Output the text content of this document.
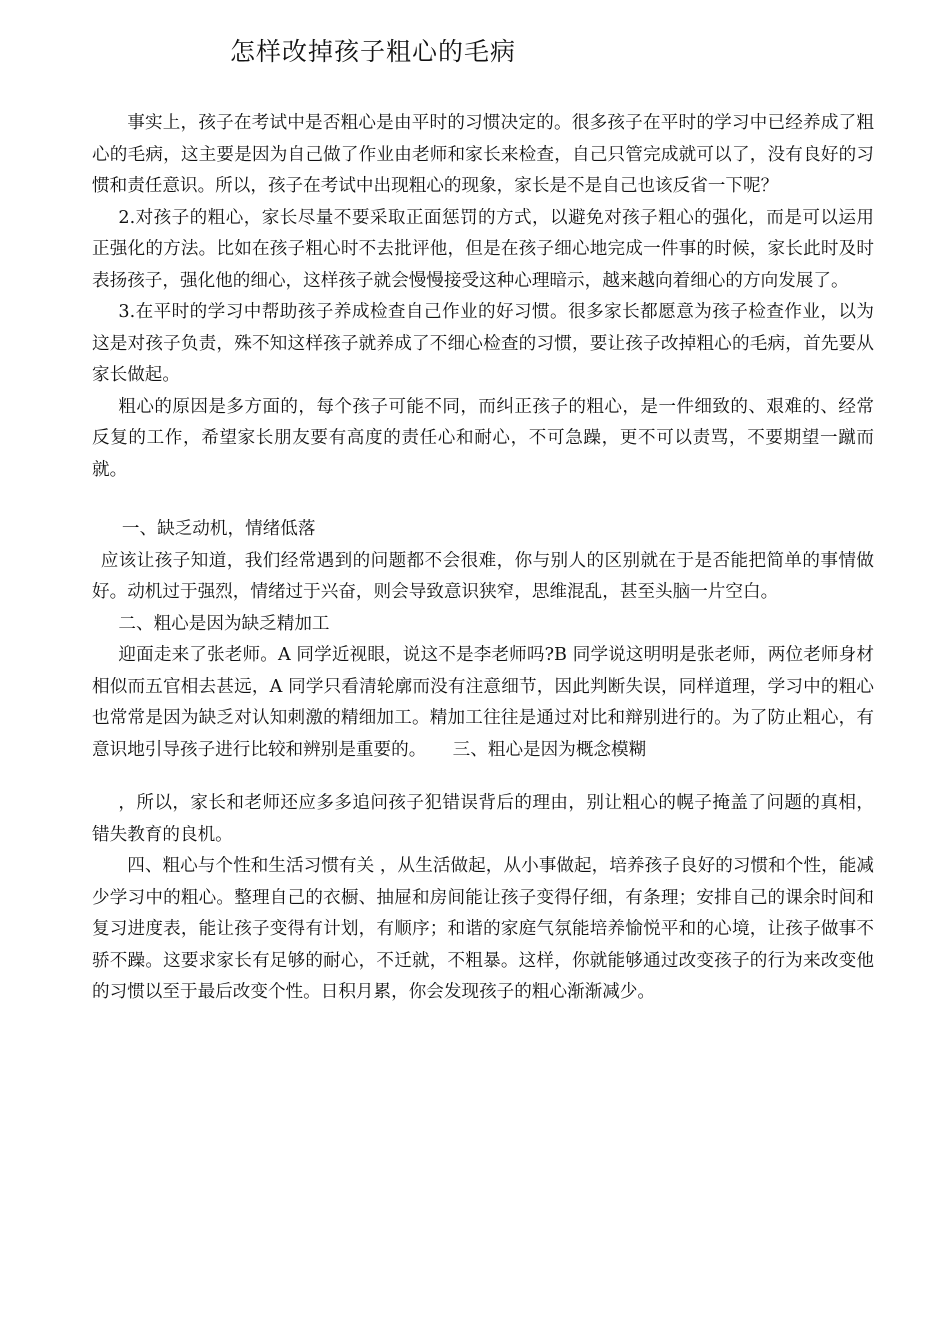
怎样改掉孩子粗心的毛病

事实上，孩子在考试中是否粗心是由平时的习惯决定的。很多孩子在平时的学习中已经养成了粗心的毛病，这主要是因为自己做了作业由老师和家长来检查，自己只管完成就可以了，没有良好的习惯和责任意识。所以，孩子在考试中出现粗心的现象，家长是不是自己也该反省一下呢？

2.对孩子的粗心，家长尽量不要采取正面惩罚的方式，以避免对孩子粗心的强化，而是可以运用正强化的方法。比如在孩子粗心时不去批评他，但是在孩子细心地完成一件事的时候，家长此时及时表扬孩子，强化他的细心，这样孩子就会慢慢接受这种心理暗示，越来越向着细心的方向发展了。

3.在平时的学习中帮助孩子养成检查自己作业的好习惯。很多家长都愿意为孩子检查作业，以为这是对孩子负责，殊不知这样孩子就养成了不细心检查的习惯，要让孩子改掉粗心的毛病，首先要从家长做起。

粗心的原因是多方面的，每个孩子可能不同，而纠正孩子的粗心，是一件细致的、艰难的、经常反复的工作，希望家长朋友要有高度的责任心和耐心，不可急躁，更不可以责骂，不要期望一蹴而就。

一、缺乏动机，情绪低落

应该让孩子知道，我们经常遇到的问题都不会很难，你与别人的区别就在于是否能把简单的事情做好。动机过于强烈，情绪过于兴奋，则会导致意识狭窄，思维混乱，甚至头脑一片空白。

二、粗心是因为缺乏精加工

迎面走来了张老师。A 同学近视眼，说这不是李老师吗?B 同学说这明明是张老师，两位老师身材相似而五官相去甚远，A 同学只看清轮廓而没有注意细节，因此判断失误，同样道理，学习中的粗心也常常是因为缺乏对认知刺激的精细加工。精加工往往是通过对比和辩别进行的。为了防止粗心，有意识地引导孩子进行比较和辨别是重要的。　　三、粗心是因为概念模糊

，所以，家长和老师还应多多追问孩子犯错误背后的理由，别让粗心的幌子掩盖了问题的真相，错失教育的良机。

四、粗心与个性和生活习惯有关 ，从生活做起，从小事做起，培养孩子良好的习惯和个性，能减少学习中的粗心。整理自己的衣橱、抽屉和房间能让孩子变得仔细，有条理；安排自己的课余时间和复习进度表，能让孩子变得有计划，有顺序；和谐的家庭气氛能培养愉悦平和的心境，让孩子做事不骄不躁。这要求家长有足够的耐心，不迁就，不粗暴。这样，你就能够通过改变孩子的行为来改变他的习惯以至于最后改变个性。日积月累，你会发现孩子的粗心渐渐减少。
